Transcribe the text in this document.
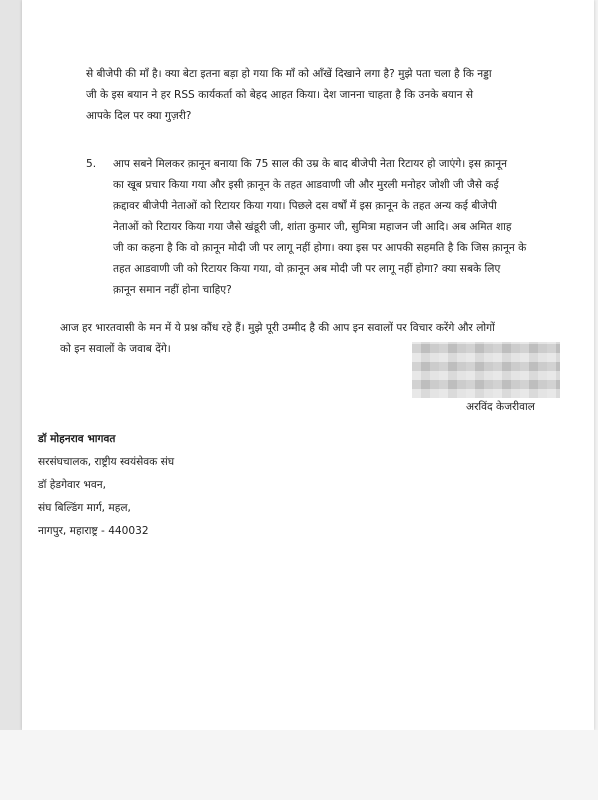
से बीजेपी की माँ है। क्या बेटा इतना बड़ा हो गया कि माँ को आँखें दिखाने लगा है? मुझे पता चला है कि नड्डा
जी के इस बयान ने हर RSS कार्यकर्ता को बेहद आहत किया। देश जानना चाहता है कि उनके बयान से
आपके दिल पर क्या गुज़री?
5. आप सबने मिलकर क़ानून बनाया कि 75 साल की उम्र के बाद बीजेपी नेता रिटायर हो जाएंगे। इस क़ानून
का खूब प्रचार किया गया और इसी क़ानून के तहत आडवाणी जी और मुरली मनोहर जोशी जी जैसे कई
क़द्दावर बीजेपी नेताओं को रिटायर किया गया। पिछले दस वर्षों में इस क़ानून के तहत अन्य कई बीजेपी
नेताओं को रिटायर किया गया जैसे खंडूरी जी, शांता कुमार जी, सुमित्रा महाजन जी आदि। अब अमित शाह
जी का कहना है कि वो क़ानून मोदी जी पर लागू नहीं होगा। क्या इस पर आपकी सहमति है कि जिस क़ानून के
तहत आडवाणी जी को रिटायर किया गया, वो क़ानून अब मोदी जी पर लागू नहीं होगा? क्या सबके लिए
क़ानून समान नहीं होना चाहिए?
आज हर भारतवासी के मन में ये प्रश्न कौंध रहे हैं। मुझे पूरी उम्मीद है की आप इन सवालों पर विचार करेंगे और लोगों
को इन सवालों के जवाब देंगे।
अरविंद केजरीवाल
डॉ मोहनराव भागवत
सरसंघचालक, राष्ट्रीय स्वयंसेवक संघ
डॉ हेडगेवार भवन,
संघ बिल्डिंग मार्ग, महल,
नागपुर, महाराष्ट्र - 440032
